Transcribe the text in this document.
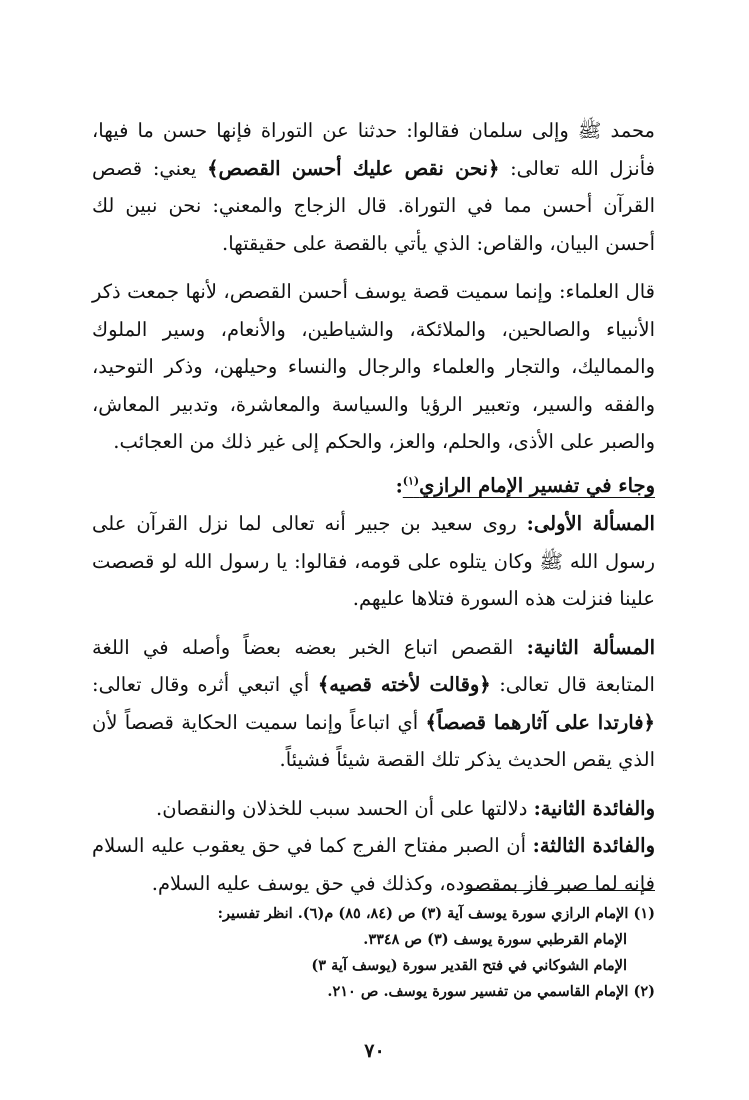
محمد ﷺ وإلى سلمان فقالوا: حدثنا عن التوراة فإنها حسن ما فيها، فأنزل الله تعالى: ﴿نحن نقص عليك أحسن القصص﴾ يعني: قصص القرآن أحسن مما في التوراة. قال الزجاج والمعني: نحن نبين لك أحسن البيان، والقاص: الذي يأتي بالقصة على حقيقتها.

قال العلماء: وإنما سميت قصة يوسف أحسن القصص، لأنها جمعت ذكر الأنبياء والصالحين، والملائكة، والشياطين، والأنعام، وسير الملوك والمماليك، والتجار والعلماء والرجال والنساء وحيلهن، وذكر التوحيد، والفقه والسير، وتعبير الرؤيا والسياسة والمعاشرة، وتدبير المعاش، والصبر على الأذى، والحلم، والعز، والحكم إلى غير ذلك من العجائب.

وجاء في تفسير الإمام الرازي$^{(١)}$:

المسألة الأولى: روى سعيد بن جبير أنه تعالى لما نزل القرآن على رسول الله ﷺ وكان يتلوه على قومه، فقالوا: يا رسول الله لو قصصت علينا فنزلت هذه السورة فتلاها عليهم.

المسألة الثانية: القصص اتباع الخبر بعضه بعضاً وأصله في اللغة المتابعة قال تعالى: ﴿وقالت لأخته قصيه﴾ أي اتبعي أثره وقال تعالى: ﴿فارتدا على آثارهما قصصاً﴾ أي اتباعاً وإنما سميت الحكاية قصصاً لأن الذي يقص الحديث يذكر تلك القصة شيئاً فشيئاً.

والفائدة الثانية: دلالتها على أن الحسد سبب للخذلان والنقصان.

والفائدة الثالثة: أن الصبر مفتاح الفرج كما في حق يعقوب عليه السلام فإنه لما صبر فاز بمقصوده، وكذلك في حق يوسف عليه السلام.

(١) الإمام الرازي سورة يوسف آية (٣) ص (٨٤، ٨٥) م(٦). انظر تفسير:

الإمام القرطبي سورة يوسف (٣) ص ٣٣٤٨.

الإمام الشوكاني في فتح القدير سورة (يوسف آية ٣)

(٢) الإمام القاسمي من تفسير سورة يوسف. ص ٢١٠.

٧٠
